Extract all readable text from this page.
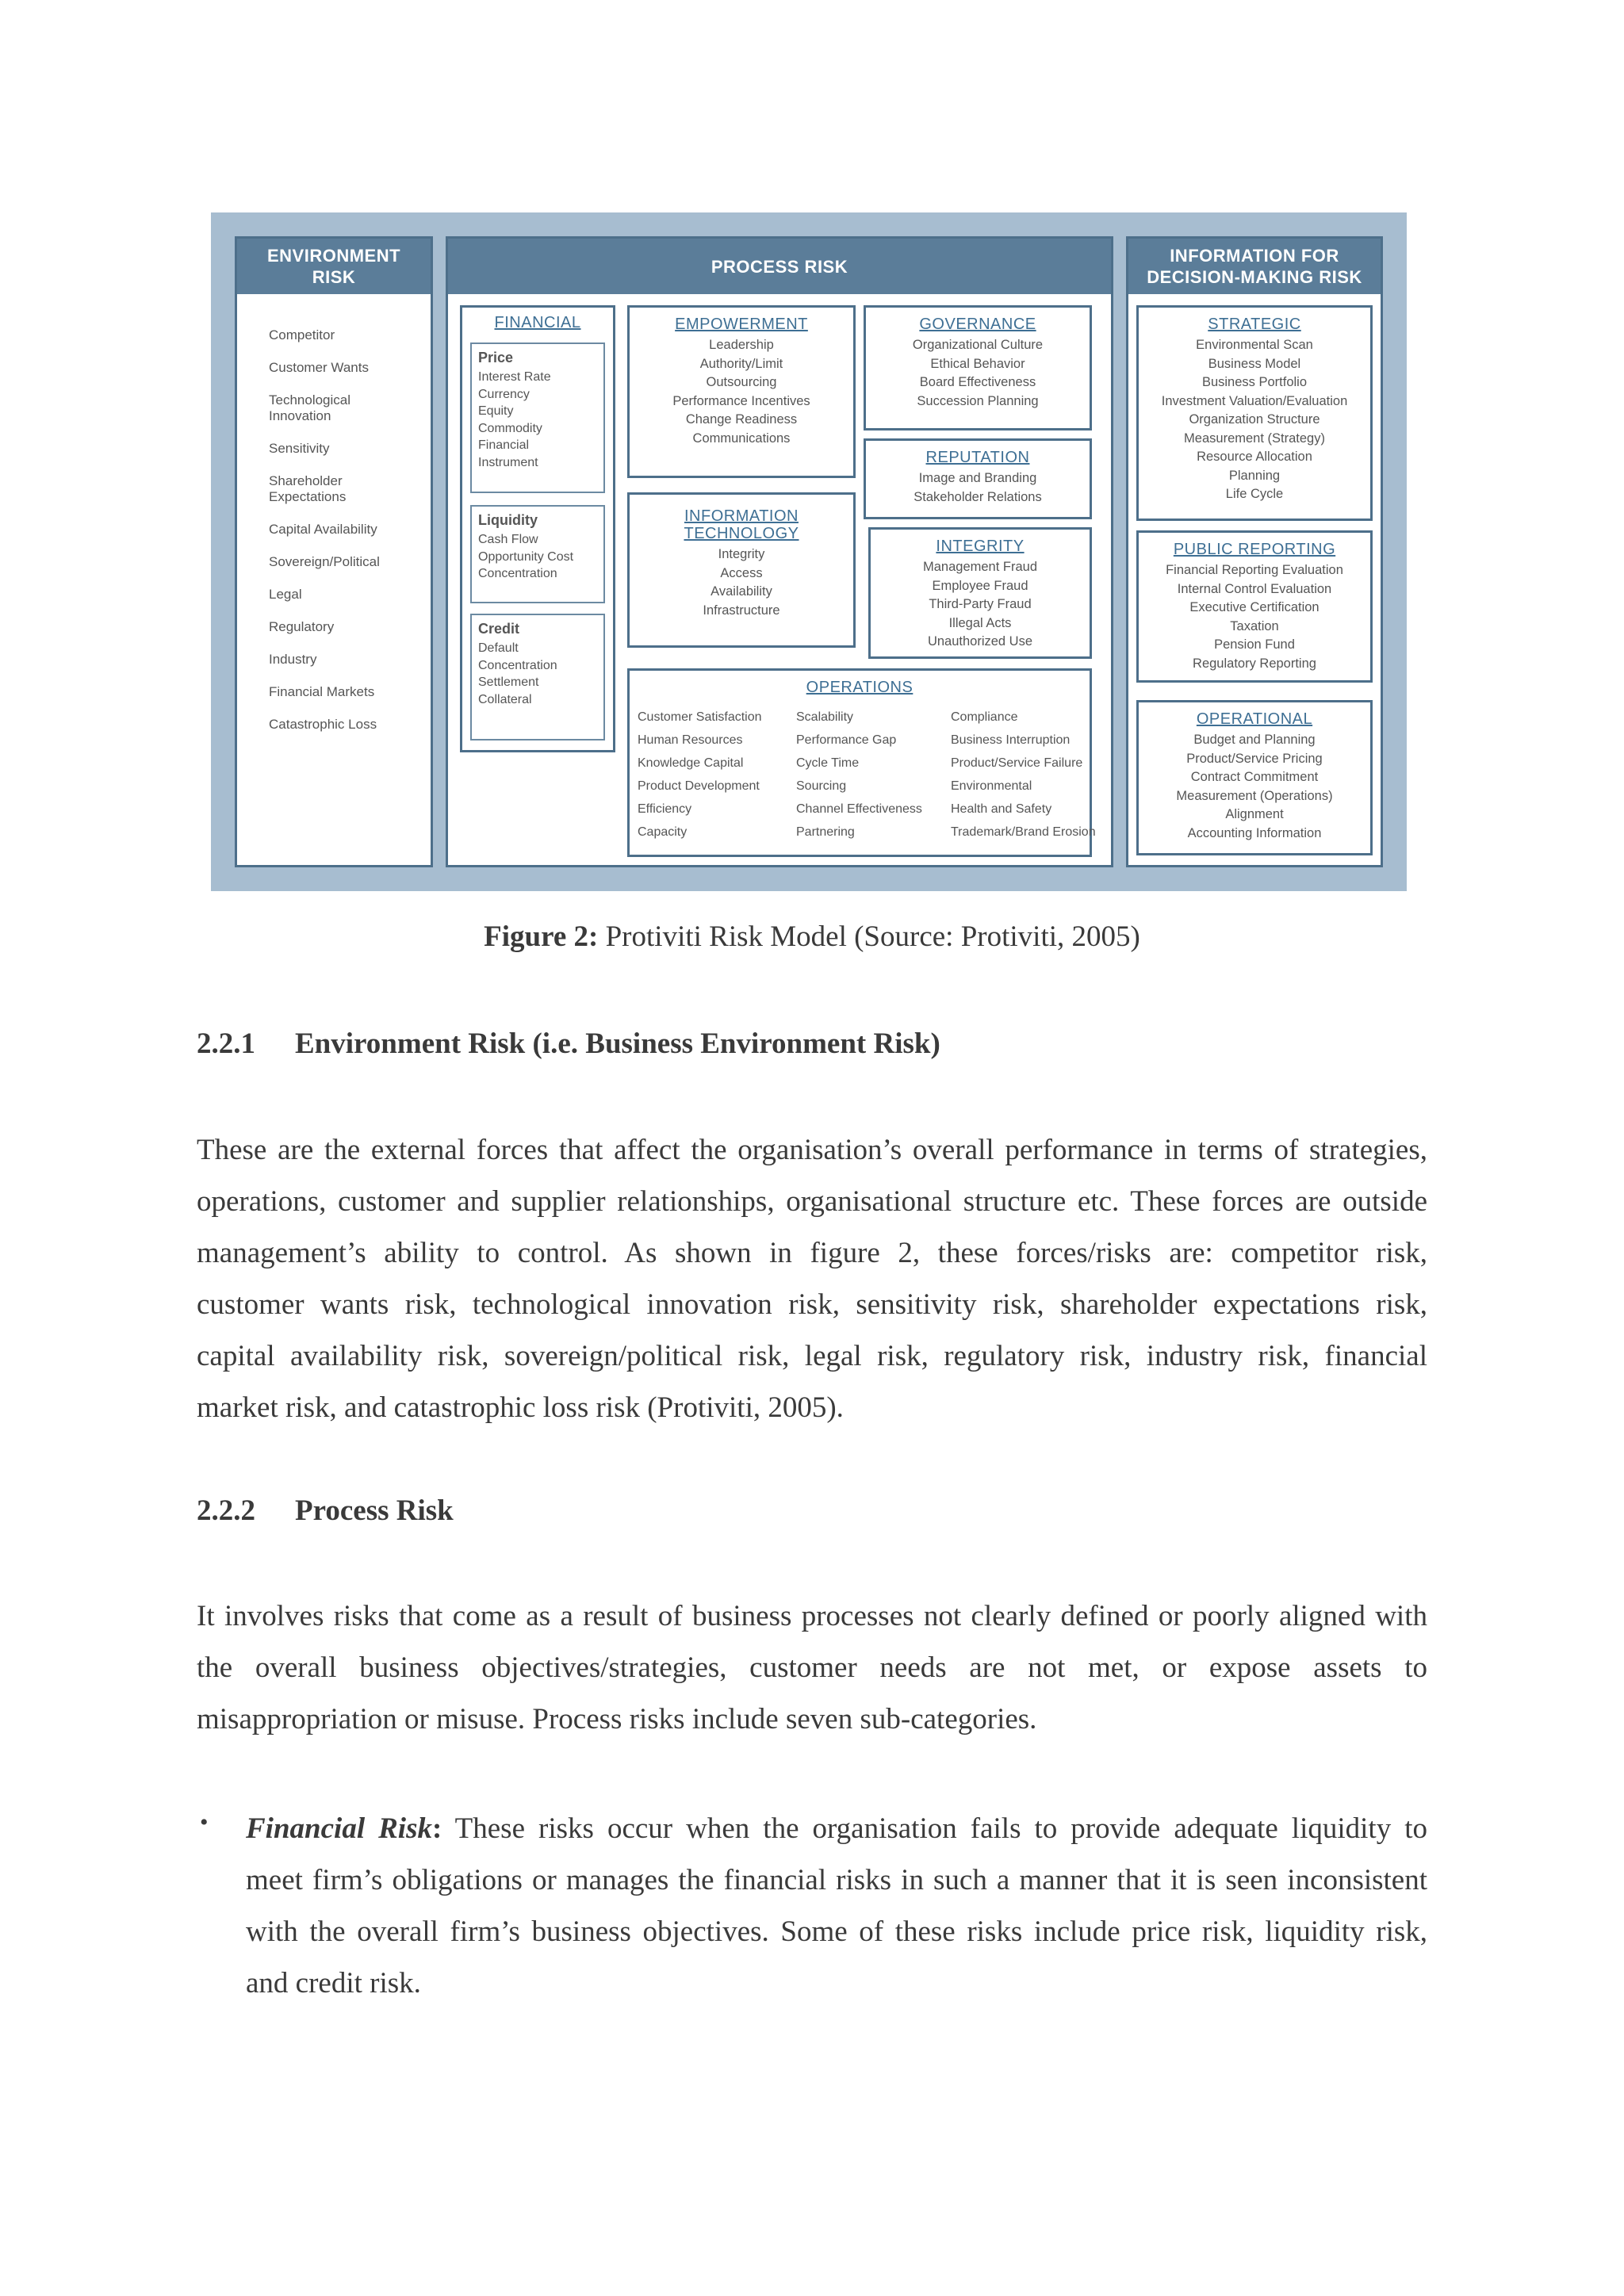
ENVIRONMENT
RISK
Competitor
Customer Wants
Technological
Innovation
Sensitivity
Shareholder
Expectations
Capital Availability
Sovereign/Political
Legal
Regulatory
Industry
Financial Markets
Catastrophic Loss
PROCESS RISK
FINANCIAL
Price
Interest Rate
Currency
Equity
Commodity
Financial
Instrument
Liquidity
Cash Flow
Opportunity Cost
Concentration
Credit
Default
Concentration
Settlement
Collateral
EMPOWERMENT
Leadership
Authority/Limit
Outsourcing
Performance Incentives
Change Readiness
Communications
GOVERNANCE
Organizational Culture
Ethical Behavior
Board Effectiveness
Succession Planning
REPUTATION
Image and Branding
Stakeholder Relations
INFORMATION
TECHNOLOGY
Integrity
Access
Availability
Infrastructure
INTEGRITY
Management Fraud
Employee Fraud
Third-Party Fraud
Illegal Acts
Unauthorized Use
OPERATIONS
Customer Satisfaction
Human Resources
Knowledge Capital
Product Development
Efficiency
Capacity
Scalability
Performance Gap
Cycle Time
Sourcing
Channel Effectiveness
Partnering
Compliance
Business Interruption
Product/Service Failure
Environmental
Health and Safety
Trademark/Brand Erosion
INFORMATION FOR
DECISION-MAKING RISK
STRATEGIC
Environmental Scan
Business Model
Business Portfolio
Investment Valuation/Evaluation
Organization Structure
Measurement (Strategy)
Resource Allocation
Planning
Life Cycle
PUBLIC REPORTING
Financial Reporting Evaluation
Internal Control Evaluation
Executive Certification
Taxation
Pension Fund
Regulatory Reporting
OPERATIONAL
Budget and Planning
Product/Service Pricing
Contract Commitment
Measurement (Operations)
Alignment
Accounting Information
Figure 2: Protiviti Risk Model (Source: Protiviti, 2005)
2.2.1 Environment Risk (i.e. Business Environment Risk)
These are the external forces that affect the organisation’s overall performance in terms of strategies,
operations, customer and supplier relationships, organisational structure etc. These forces are outside
management’s ability to control. As shown in figure 2, these forces/risks are: competitor risk,
customer wants risk, technological innovation risk, sensitivity risk, shareholder expectations risk,
capital availability risk, sovereign/political risk, legal risk, regulatory risk, industry risk, financial
market risk, and catastrophic loss risk (Protiviti, 2005).
2.2.2 Process Risk
It involves risks that come as a result of business processes not clearly defined or poorly aligned with
the overall business objectives/strategies, customer needs are not met, or expose assets to
misappropriation or misuse. Process risks include seven sub-categories.
• Financial Risk: These risks occur when the organisation fails to provide adequate liquidity to
meet firm’s obligations or manages the financial risks in such a manner that it is seen inconsistent
with the overall firm’s business objectives. Some of these risks include price risk, liquidity risk,
and credit risk.
